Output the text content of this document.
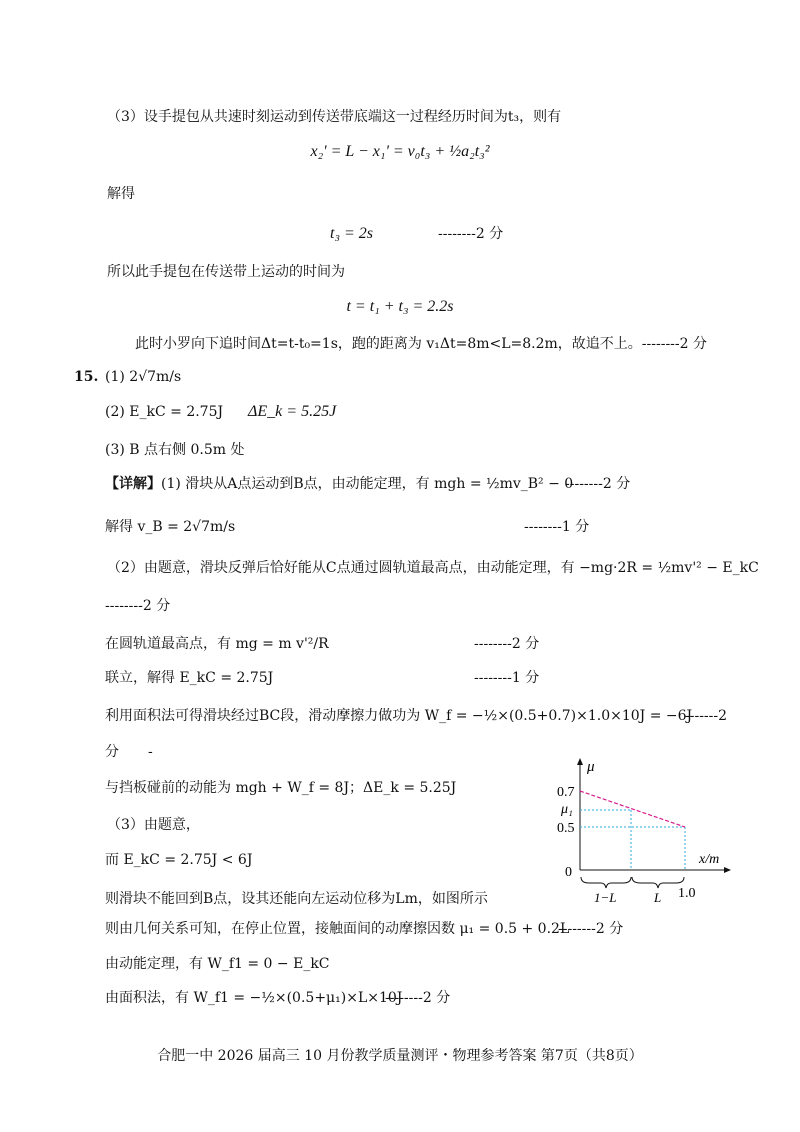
（3）设手提包从共速时刻运动到传送带底端这一过程经历时间为t₃，则有
x₂' = L − x₁' = v₀t₃ + ½a₂t₃²
解得
t₃ = 2s	--------2 分
所以此手提包在传送带上运动的时间为
t = t₁ + t₃ = 2.2s
此时小罗向下追时间Δt=t-t₀=1s，跑的距离为 v₁Δt=8m<L=8.2m，故追不上。--------2 分
15. (1) 2√7m/s
(2) E_kC = 2.75J ΔE_k = 5.25J
(3) B 点右侧 0.5m 处
【详解】(1) 滑块从A点运动到B点，由动能定理，有 mgh = ½mv_B² − 0
--------2 分
解得 v_B = 2√7m/s	--------1 分
（2）由题意，滑块反弹后恰好能从C点通过圆轨道最高点，由动能定理，有 −mg·2R = ½mv'² − E_kC
--------2 分
在圆轨道最高点，有 mg = m v'²/R	--------2 分
联立，解得 E_kC = 2.75J	--------1 分
利用面积法可得滑块经过BC段，滑动摩擦力做功为 W_f = −½×(0.5+0.7)×1.0×10J = −6J
-------2
分 -
与挡板碰前的动能为 mgh + W_f = 8J；ΔE_k = 5.25J
（3）由题意，
而 E_kC = 2.75J < 6J
则滑块不能回到B点，设其还能向左运动位移为Lm，如图所示
则由几何关系可知，在停止位置，接触面间的动摩擦因数 μ₁ = 0.5 + 0.2L
--------2 分
由动能定理，有 W_f1 = 0 − E_kC
由面积法，有 W_f1 = −½×(0.5+μ₁)×L×10J
--------2 分
μ
0.7
μ₁
0.5
0
x/m
1−L	L 1.0
合肥一中 2026 届高三 10 月份教学质量测评・物理参考答案 第7页（共8页）
